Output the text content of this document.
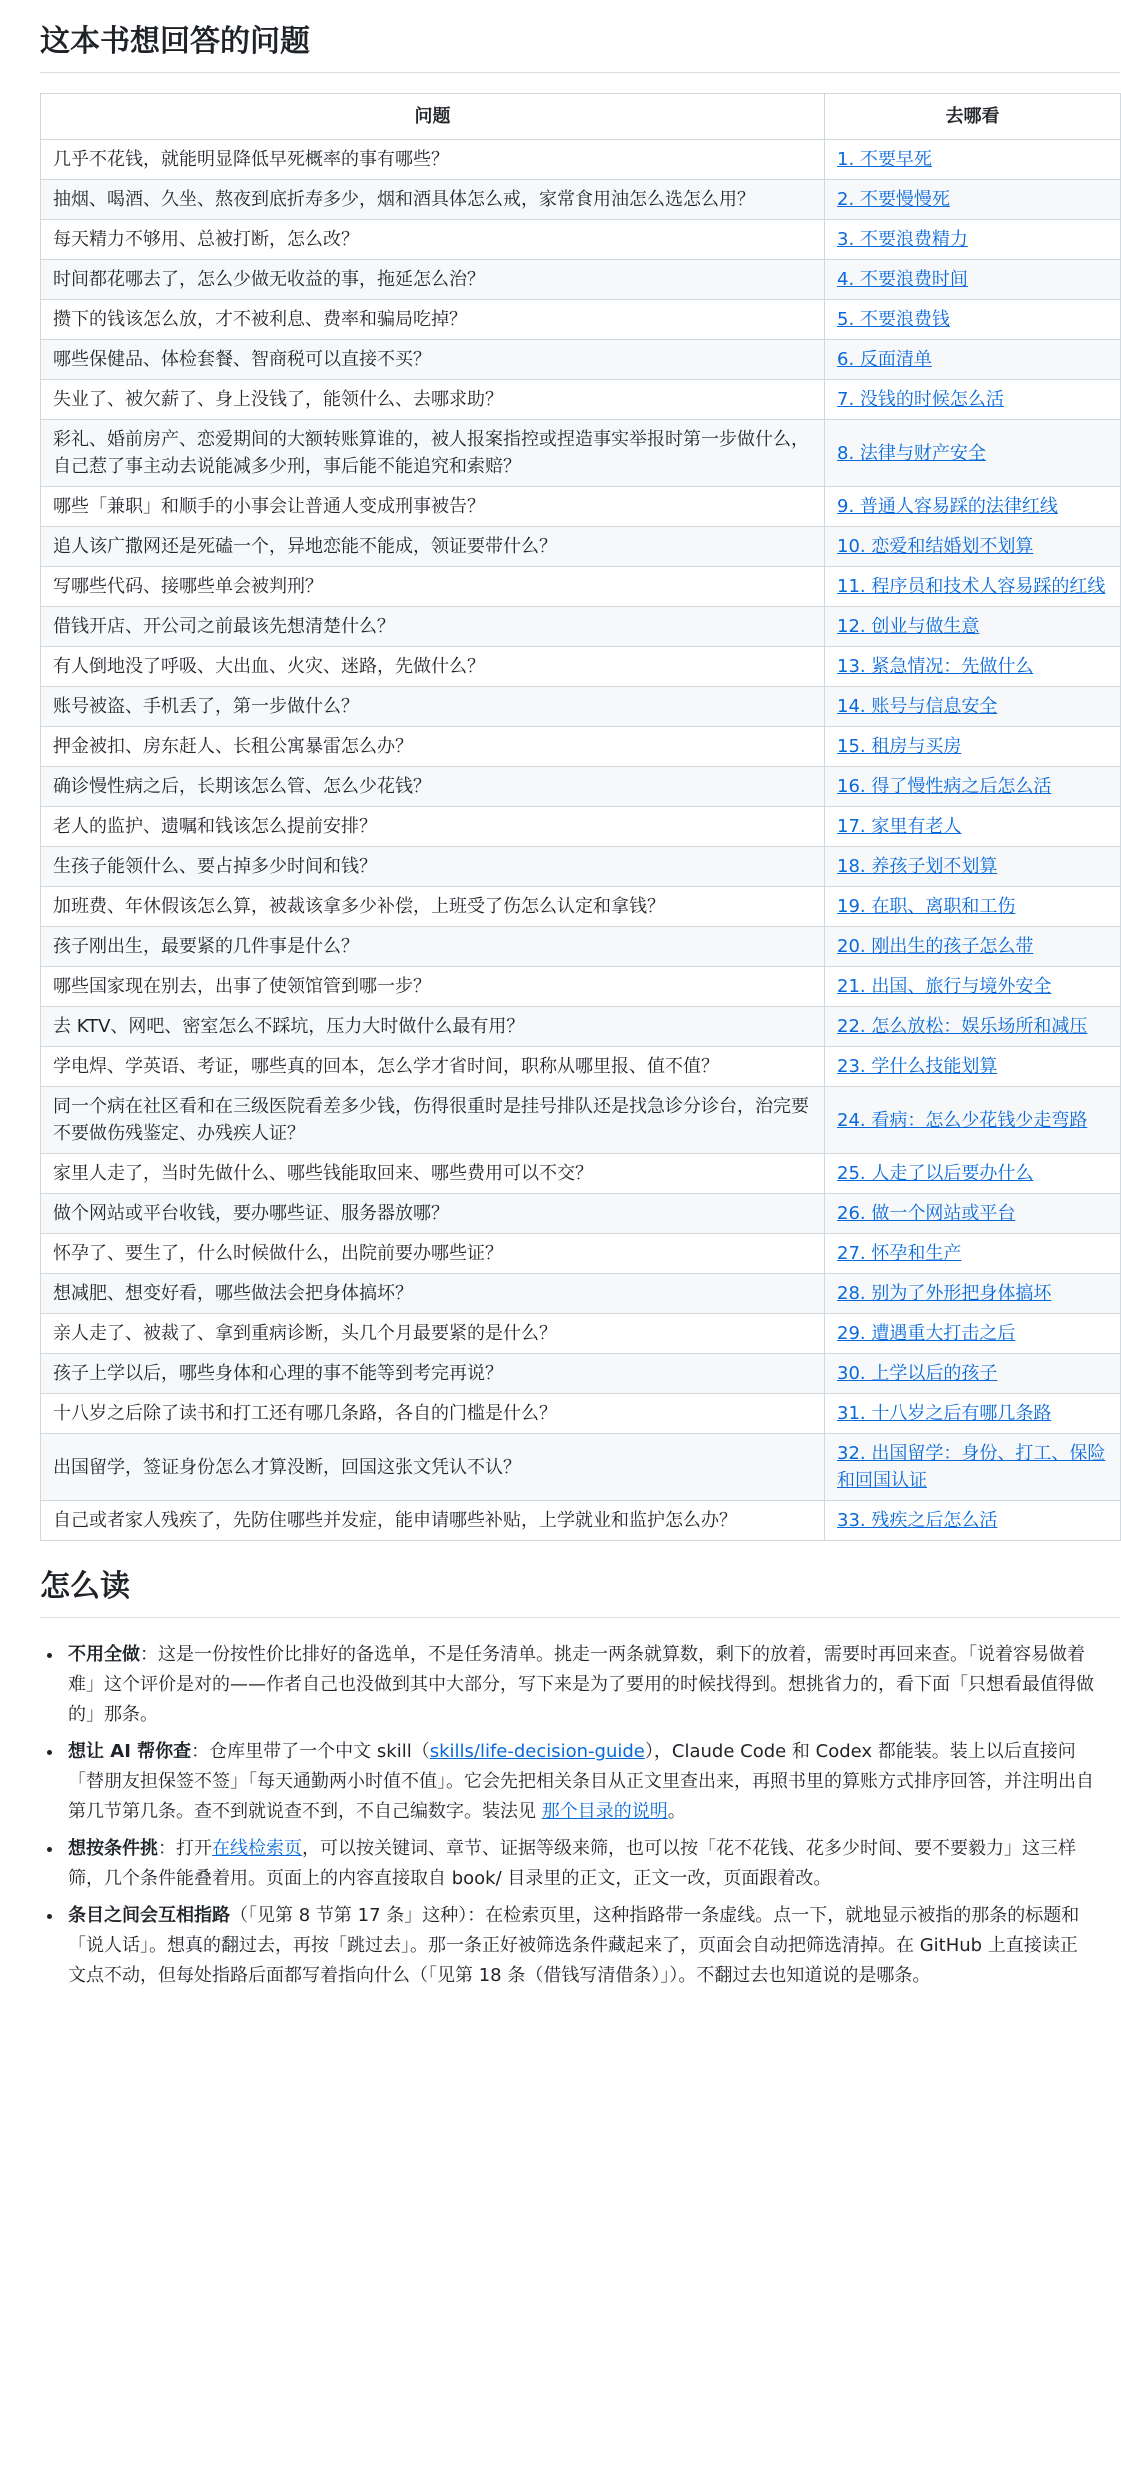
这本书想回答的问题
问题	去哪看
几乎不花钱，就能明显降低早死概率的事有哪些？	1. 不要早死
抽烟、喝酒、久坐、熬夜到底折寿多少，烟和酒具体怎么戒，家常食用油怎么选怎么用？	2. 不要慢慢死
每天精力不够用、总被打断，怎么改？	3. 不要浪费精力
时间都花哪去了，怎么少做无收益的事，拖延怎么治？	4. 不要浪费时间
攒下的钱该怎么放，才不被利息、费率和骗局吃掉？	5. 不要浪费钱
哪些保健品、体检套餐、智商税可以直接不买？	6. 反面清单
失业了、被欠薪了、身上没钱了，能领什么、去哪求助？	7. 没钱的时候怎么活
彩礼、婚前房产、恋爱期间的大额转账算谁的，被人报案指控或捏造事实举报时第一步做什么，自己惹了事主动去说能减多少刑，事后能不能追究和索赔？	8. 法律与财产安全
哪些「兼职」和顺手的小事会让普通人变成刑事被告？	9. 普通人容易踩的法律红线
追人该广撒网还是死磕一个，异地恋能不能成，领证要带什么？	10. 恋爱和结婚划不划算
写哪些代码、接哪些单会被判刑？	11. 程序员和技术人容易踩的红线
借钱开店、开公司之前最该先想清楚什么？	12. 创业与做生意
有人倒地没了呼吸、大出血、火灾、迷路，先做什么？	13. 紧急情况：先做什么
账号被盗、手机丢了，第一步做什么？	14. 账号与信息安全
押金被扣、房东赶人、长租公寓暴雷怎么办？	15. 租房与买房
确诊慢性病之后，长期该怎么管、怎么少花钱？	16. 得了慢性病之后怎么活
老人的监护、遗嘱和钱该怎么提前安排？	17. 家里有老人
生孩子能领什么、要占掉多少时间和钱？	18. 养孩子划不划算
加班费、年休假该怎么算，被裁该拿多少补偿，上班受了伤怎么认定和拿钱？	19. 在职、离职和工伤
孩子刚出生，最要紧的几件事是什么？	20. 刚出生的孩子怎么带
哪些国家现在别去，出事了使领馆管到哪一步？	21. 出国、旅行与境外安全
去 KTV、网吧、密室怎么不踩坑，压力大时做什么最有用？	22. 怎么放松：娱乐场所和减压
学电焊、学英语、考证，哪些真的回本，怎么学才省时间，职称从哪里报、值不值？	23. 学什么技能划算
同一个病在社区看和在三级医院看差多少钱，伤得很重时是挂号排队还是找急诊分诊台，治完要不要做伤残鉴定、办残疾人证？	24. 看病：怎么少花钱少走弯路
家里人走了，当时先做什么、哪些钱能取回来、哪些费用可以不交？	25. 人走了以后要办什么
做个网站或平台收钱，要办哪些证、服务器放哪？	26. 做一个网站或平台
怀孕了、要生了，什么时候做什么，出院前要办哪些证？	27. 怀孕和生产
想减肥、想变好看，哪些做法会把身体搞坏？	28. 别为了外形把身体搞坏
亲人走了、被裁了、拿到重病诊断，头几个月最要紧的是什么？	29. 遭遇重大打击之后
孩子上学以后，哪些身体和心理的事不能等到考完再说？	30. 上学以后的孩子
十八岁之后除了读书和打工还有哪几条路，各自的门槛是什么？	31. 十八岁之后有哪几条路
出国留学，签证身份怎么才算没断，回国这张文凭认不认？	32. 出国留学：身份、打工、保险和回国认证
自己或者家人残疾了，先防住哪些并发症，能申请哪些补贴，上学就业和监护怎么办？	33. 残疾之后怎么活
怎么读
• 不用全做：这是一份按性价比排好的备选单，不是任务清单。挑走一两条就算数，剩下的放着，需要时再回来查。「说着容易做着难」这个评价是对的——作者自己也没做到其中大部分，写下来是为了要用的时候找得到。想挑省力的，看下面「只想看最值得做的」那条。
• 想让 AI 帮你查：仓库里带了一个中文 skill（skills/life-decision-guide），Claude Code 和 Codex 都能装。装上以后直接问「替朋友担保签不签」「每天通勤两小时值不值」。它会先把相关条目从正文里查出来，再照书里的算账方式排序回答，并注明出自第几节第几条。查不到就说查不到，不自己编数字。装法见 那个目录的说明。
• 想按条件挑：打开在线检索页，可以按关键词、章节、证据等级来筛，也可以按「花不花钱、花多少时间、要不要毅力」这三样筛，几个条件能叠着用。页面上的内容直接取自 book/ 目录里的正文，正文一改，页面跟着改。
• 条目之间会互相指路（「见第 8 节第 17 条」这种）：在检索页里，这种指路带一条虚线。点一下，就地显示被指的那条的标题和「说人话」。想真的翻过去，再按「跳过去」。那一条正好被筛选条件藏起来了，页面会自动把筛选清掉。在 GitHub 上直接读正文点不动，但每处指路后面都写着指向什么（「见第 18 条（借钱写清借条）」）。不翻过去也知道说的是哪条。
